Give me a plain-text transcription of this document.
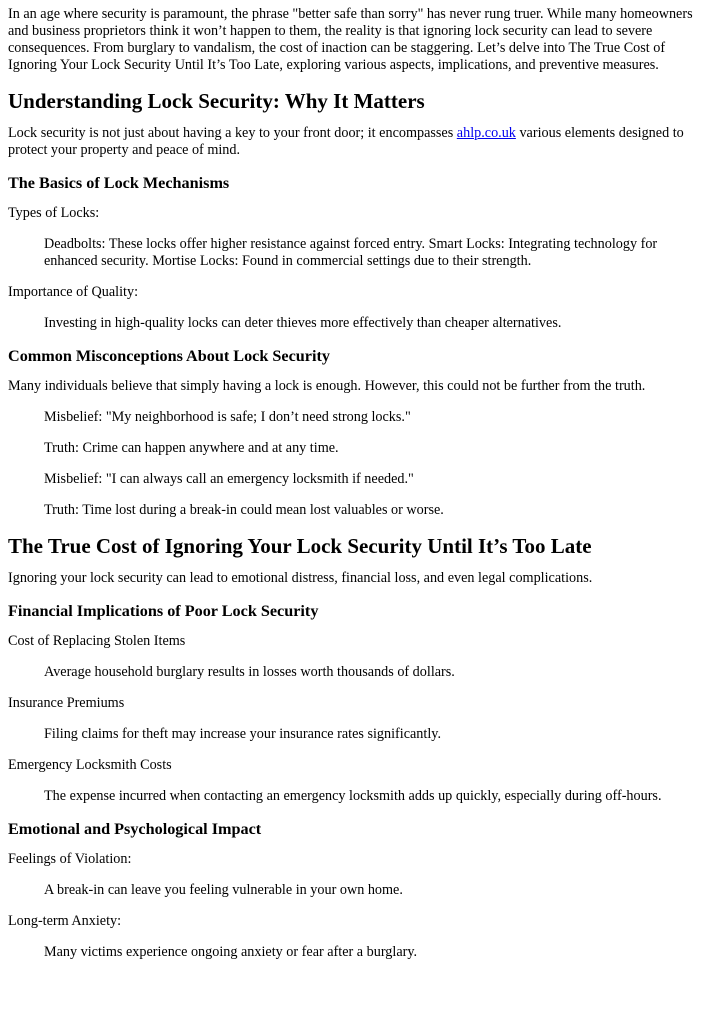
In an age where security is paramount, the phrase "better safe than sorry" has never rung truer. While many homeowners and business proprietors think it won’t happen to them, the reality is that ignoring lock security can lead to severe consequences. From burglary to vandalism, the cost of inaction can be staggering. Let’s delve into The True Cost of Ignoring Your Lock Security Until It’s Too Late, exploring various aspects, implications, and preventive measures.

Understanding Lock Security: Why It Matters

Lock security is not just about having a key to your front door; it encompasses ahlp.co.uk various elements designed to protect your property and peace of mind.

The Basics of Lock Mechanisms

Types of Locks:

Deadbolts: These locks offer higher resistance against forced entry. Smart Locks: Integrating technology for enhanced security. Mortise Locks: Found in commercial settings due to their strength.

Importance of Quality:

Investing in high-quality locks can deter thieves more effectively than cheaper alternatives.

Common Misconceptions About Lock Security

Many individuals believe that simply having a lock is enough. However, this could not be further from the truth.

Misbelief: "My neighborhood is safe; I don’t need strong locks."

Truth: Crime can happen anywhere and at any time.

Misbelief: "I can always call an emergency locksmith if needed."

Truth: Time lost during a break-in could mean lost valuables or worse.

The True Cost of Ignoring Your Lock Security Until It’s Too Late

Ignoring your lock security can lead to emotional distress, financial loss, and even legal complications.

Financial Implications of Poor Lock Security

Cost of Replacing Stolen Items

Average household burglary results in losses worth thousands of dollars.

Insurance Premiums

Filing claims for theft may increase your insurance rates significantly.

Emergency Locksmith Costs

The expense incurred when contacting an emergency locksmith adds up quickly, especially during off-hours.

Emotional and Psychological Impact

Feelings of Violation:

A break-in can leave you feeling vulnerable in your own home.

Long-term Anxiety:

Many victims experience ongoing anxiety or fear after a burglary.
